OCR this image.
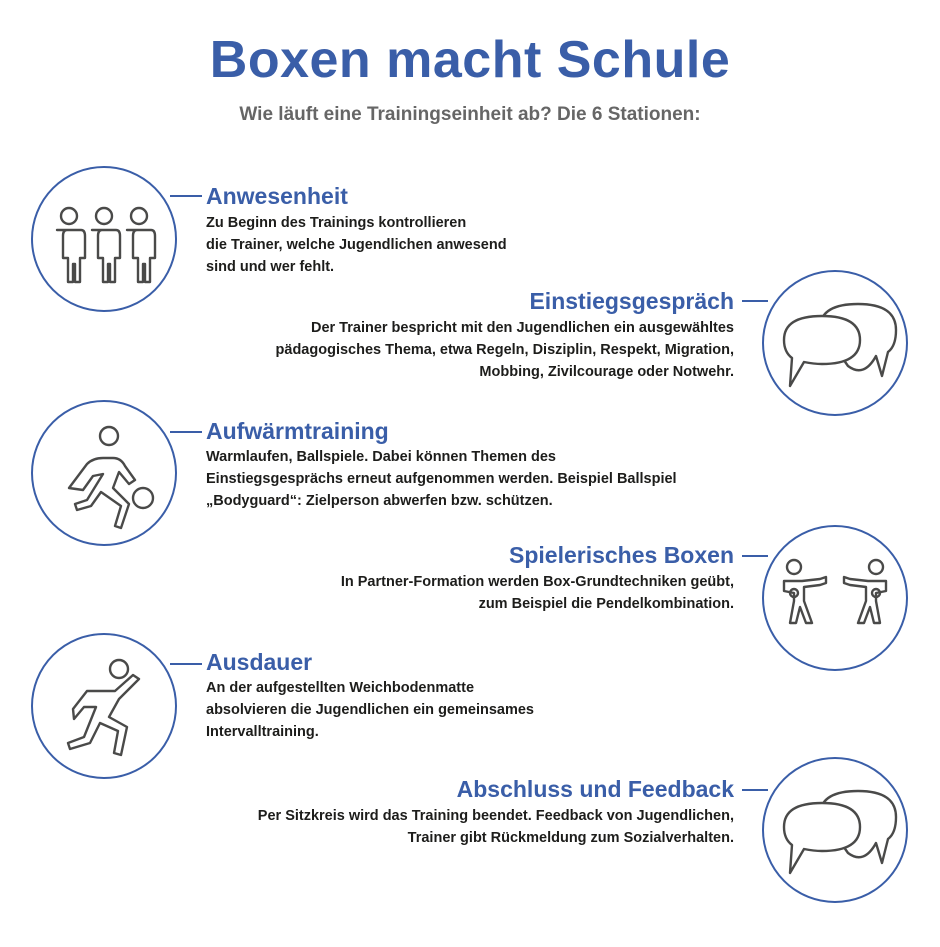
Boxen macht Schule
Wie läuft eine Trainingseinheit ab? Die 6 Stationen:
Anwesenheit
Zu Beginn des Trainings kontrollieren
die Trainer, welche Jugendlichen anwesend
sind und wer fehlt.
Einstiegsgespräch
Der Trainer bespricht mit den Jugendlichen ein ausgewähltes
pädagogisches Thema, etwa Regeln, Disziplin, Respekt, Migration,
Mobbing, Zivilcourage oder Notwehr.
Aufwärmtraining
Warmlaufen, Ballspiele. Dabei können Themen des
Einstiegsgesprächs erneut aufgenommen werden. Beispiel Ballspiel
„Bodyguard“: Zielperson abwerfen bzw. schützen.
Spielerisches Boxen
In Partner-Formation werden Box-Grundtechniken geübt,
zum Beispiel die Pendelkombination.
Ausdauer
An der aufgestellten Weichbodenmatte
absolvieren die Jugendlichen ein gemeinsames
Intervalltraining.
Abschluss und Feedback
Per Sitzkreis wird das Training beendet. Feedback von Jugendlichen,
Trainer gibt Rückmeldung zum Sozialverhalten.
